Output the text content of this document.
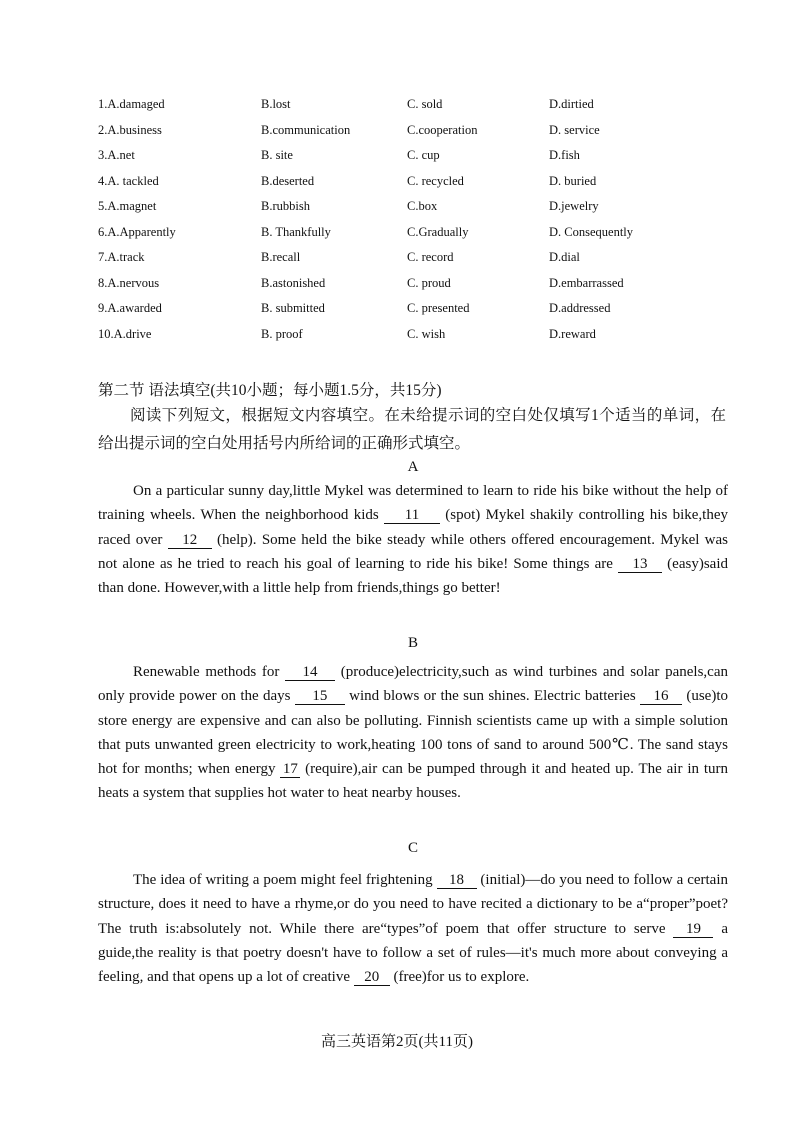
1.A.damaged	B.lost	C. sold	D.dirtied
2.A.business	B.communication	C.cooperation	D. service
3.A.net	B. site	C. cup	D.fish
4.A. tackled	B.deserted	C. recycled	D. buried
5.A.magnet	B.rubbish	C.box	D.jewelry
6.A.Apparently	B. Thankfully	C.Gradually	D. Consequently
7.A.track	B.recall	C. record	D.dial
8.A.nervous	B.astonished	C. proud	D.embarrassed
9.A.awarded	B. submitted	C. presented	D.addressed
10.A.drive	B. proof	C. wish	D.reward
第二节 语法填空(共10小题；每小题1.5分，共15分)
阅读下列短文，根据短文内容填空。在未给提示词的空白处仅填写1个适当的单词，在给出提示词的空白处用括号内所给词的正确形式填空。
A
On a particular sunny day,little Mykel was determined to learn to ride his bike without the help of training wheels. When the neighborhood kids 11 (spot) Mykel shakily controlling his bike,they raced over 12 (help). Some held the bike steady while others offered encouragement. Mykel was not alone as he tried to reach his goal of learning to ride his bike! Some things are 13 (easy)said than done. However,with a little help from friends,things go better!
B
Renewable methods for 14 (produce)electricity,such as wind turbines and solar panels,can only provide power on the days 15 wind blows or the sun shines. Electric batteries 16 (use)to store energy are expensive and can also be polluting. Finnish scientists came up with a simple solution that puts unwanted green electricity to work,heating 100 tons of sand to around 500℃. The sand stays hot for months; when energy 17 (require),air can be pumped through it and heated up. The air in turn heats a system that supplies hot water to heat nearby houses.
C
The idea of writing a poem might feel frightening 18 (initial)—do you need to follow a certain structure, does it need to have a rhyme,or do you need to have recited a dictionary to be a“proper”poet? The truth is:absolutely not. While there are“types”of poem that offer structure to serve 19 a guide,the reality is that poetry doesn't have to follow a set of rules—it's much more about conveying a feeling, and that opens up a lot of creative 20 (free)for us to explore.
高三英语第2页(共11页)
